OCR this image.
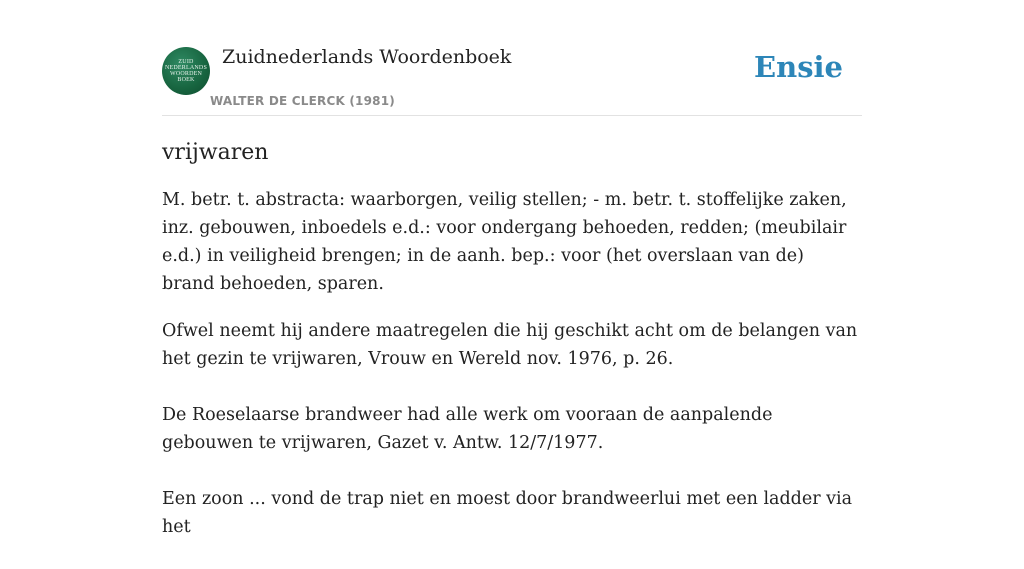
ZUID
NEDERLANDS
WOORDEN
BOEK
Zuidnederlands Woordenboek
WALTER DE CLERCK (1981)
Ensie
vrijwaren

M. betr. t. abstracta: waarborgen, veilig stellen; - m. betr. t. stoffelijke zaken, inz. gebouwen, inboedels e.d.: voor ondergang behoeden, redden; (meubilair e.d.) in veiligheid brengen; in de aanh. bep.: voor (het overslaan van de) brand behoeden, sparen.

Ofwel neemt hij andere maatregelen die hij geschikt acht om de belangen van het gezin te vrijwaren, Vrouw en Wereld nov. 1976, p. 26.

De Roeselaarse brandweer had alle werk om vooraan de aanpalende gebouwen te vrijwaren, Gazet v. Antw. 12/7/1977.

Een zoon ... vond de trap niet en moest door brandweerlui met een ladder via het
